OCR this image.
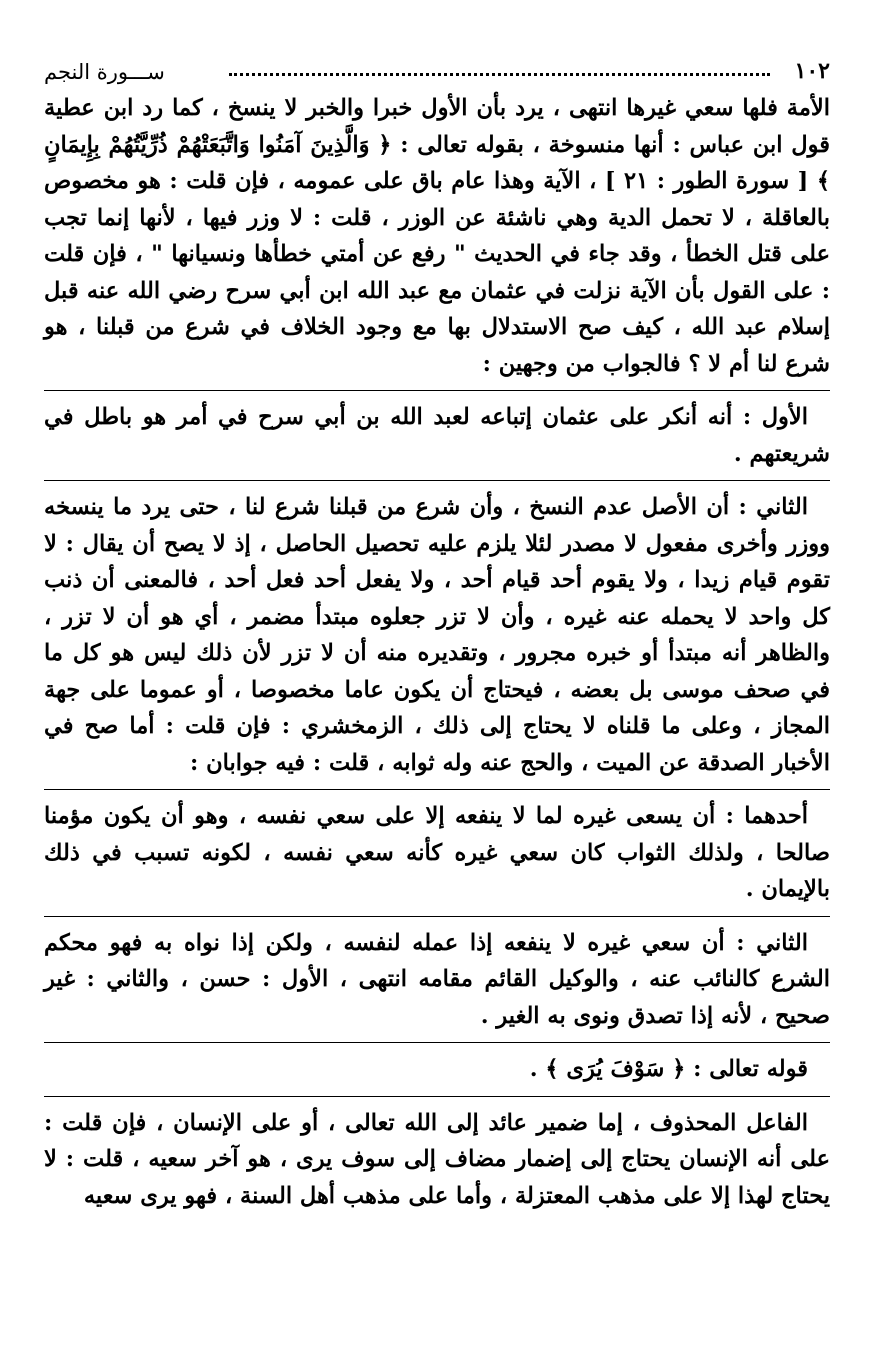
١٠٢
ســـورة النجم

الأمة فلها سعي غيرها انتهى ، يرد بأن الأول خبرا والخبر لا ينسخ ، كما رد ابن عطية قول ابن عباس : أنها منسوخة ، بقوله تعالى : ﴿ وَالَّذِينَ آمَنُوا وَاتَّبَعَتْهُمْ ذُرِّيَّتُهُمْ بِإِيمَانٍ ﴾ [ سورة الطور : ٢١ ] ، الآية وهذا عام باق على عمومه ، فإن قلت : هو مخصوص بالعاقلة ، لا تحمل الدية وهي ناشئة عن الوزر ، قلت : لا وزر فيها ، لأنها إنما تجب على قتل الخطأ ، وقد جاء في الحديث " رفع عن أمتي خطأها ونسيانها " ، فإن قلت : على القول بأن الآية نزلت في عثمان مع عبد الله ابن أبي سرح رضي الله عنه قبل إسلام عبد الله ، كيف صح الاستدلال بها مع وجود الخلاف في شرع من قبلنا ، هو شرع لنا أم لا ؟ فالجواب من وجهين :

الأول : أنه أنكر على عثمان إتباعه لعبد الله بن أبي سرح في أمر هو باطل في شريعتهم .

الثاني : أن الأصل عدم النسخ ، وأن شرع من قبلنا شرع لنا ، حتى يرد ما ينسخه ووزر وأخرى مفعول لا مصدر لئلا يلزم عليه تحصيل الحاصل ، إذ لا يصح أن يقال : لا تقوم قيام زيدا ، ولا يقوم أحد قيام أحد ، ولا يفعل أحد فعل أحد ، فالمعنى أن ذنب كل واحد لا يحمله عنه غيره ، وأن لا تزر جعلوه مبتدأ مضمر ، أي هو أن لا تزر ، والظاهر أنه مبتدأ أو خبره مجرور ، وتقديره منه أن لا تزر لأن ذلك ليس هو كل ما في صحف موسى بل بعضه ، فيحتاج أن يكون عاما مخصوصا ، أو عموما على جهة المجاز ، وعلى ما قلناه لا يحتاج إلى ذلك ، الزمخشري : فإن قلت : أما صح في الأخبار الصدقة عن الميت ، والحج عنه وله ثوابه ، قلت : فيه جوابان :

أحدهما : أن يسعى غيره لما لا ينفعه إلا على سعي نفسه ، وهو أن يكون مؤمنا صالحا ، ولذلك الثواب كان سعي غيره كأنه سعي نفسه ، لكونه تسبب في ذلك بالإيمان .

الثاني : أن سعي غيره لا ينفعه إذا عمله لنفسه ، ولكن إذا نواه به فهو محكم الشرع كالنائب عنه ، والوكيل القائم مقامه انتهى ، الأول : حسن ، والثاني : غير صحيح ، لأنه إذا تصدق ونوى به الغير .

قوله تعالى : ﴿ سَوْفَ يُرَى ﴾ .

الفاعل المحذوف ، إما ضمير عائد إلى الله تعالى ، أو على الإنسان ، فإن قلت : على أنه الإنسان يحتاج إلى إضمار مضاف إلى سوف يرى ، هو آخر سعيه ، قلت : لا يحتاج لهذا إلا على مذهب المعتزلة ، وأما على مذهب أهل السنة ، فهو يرى سعيه
